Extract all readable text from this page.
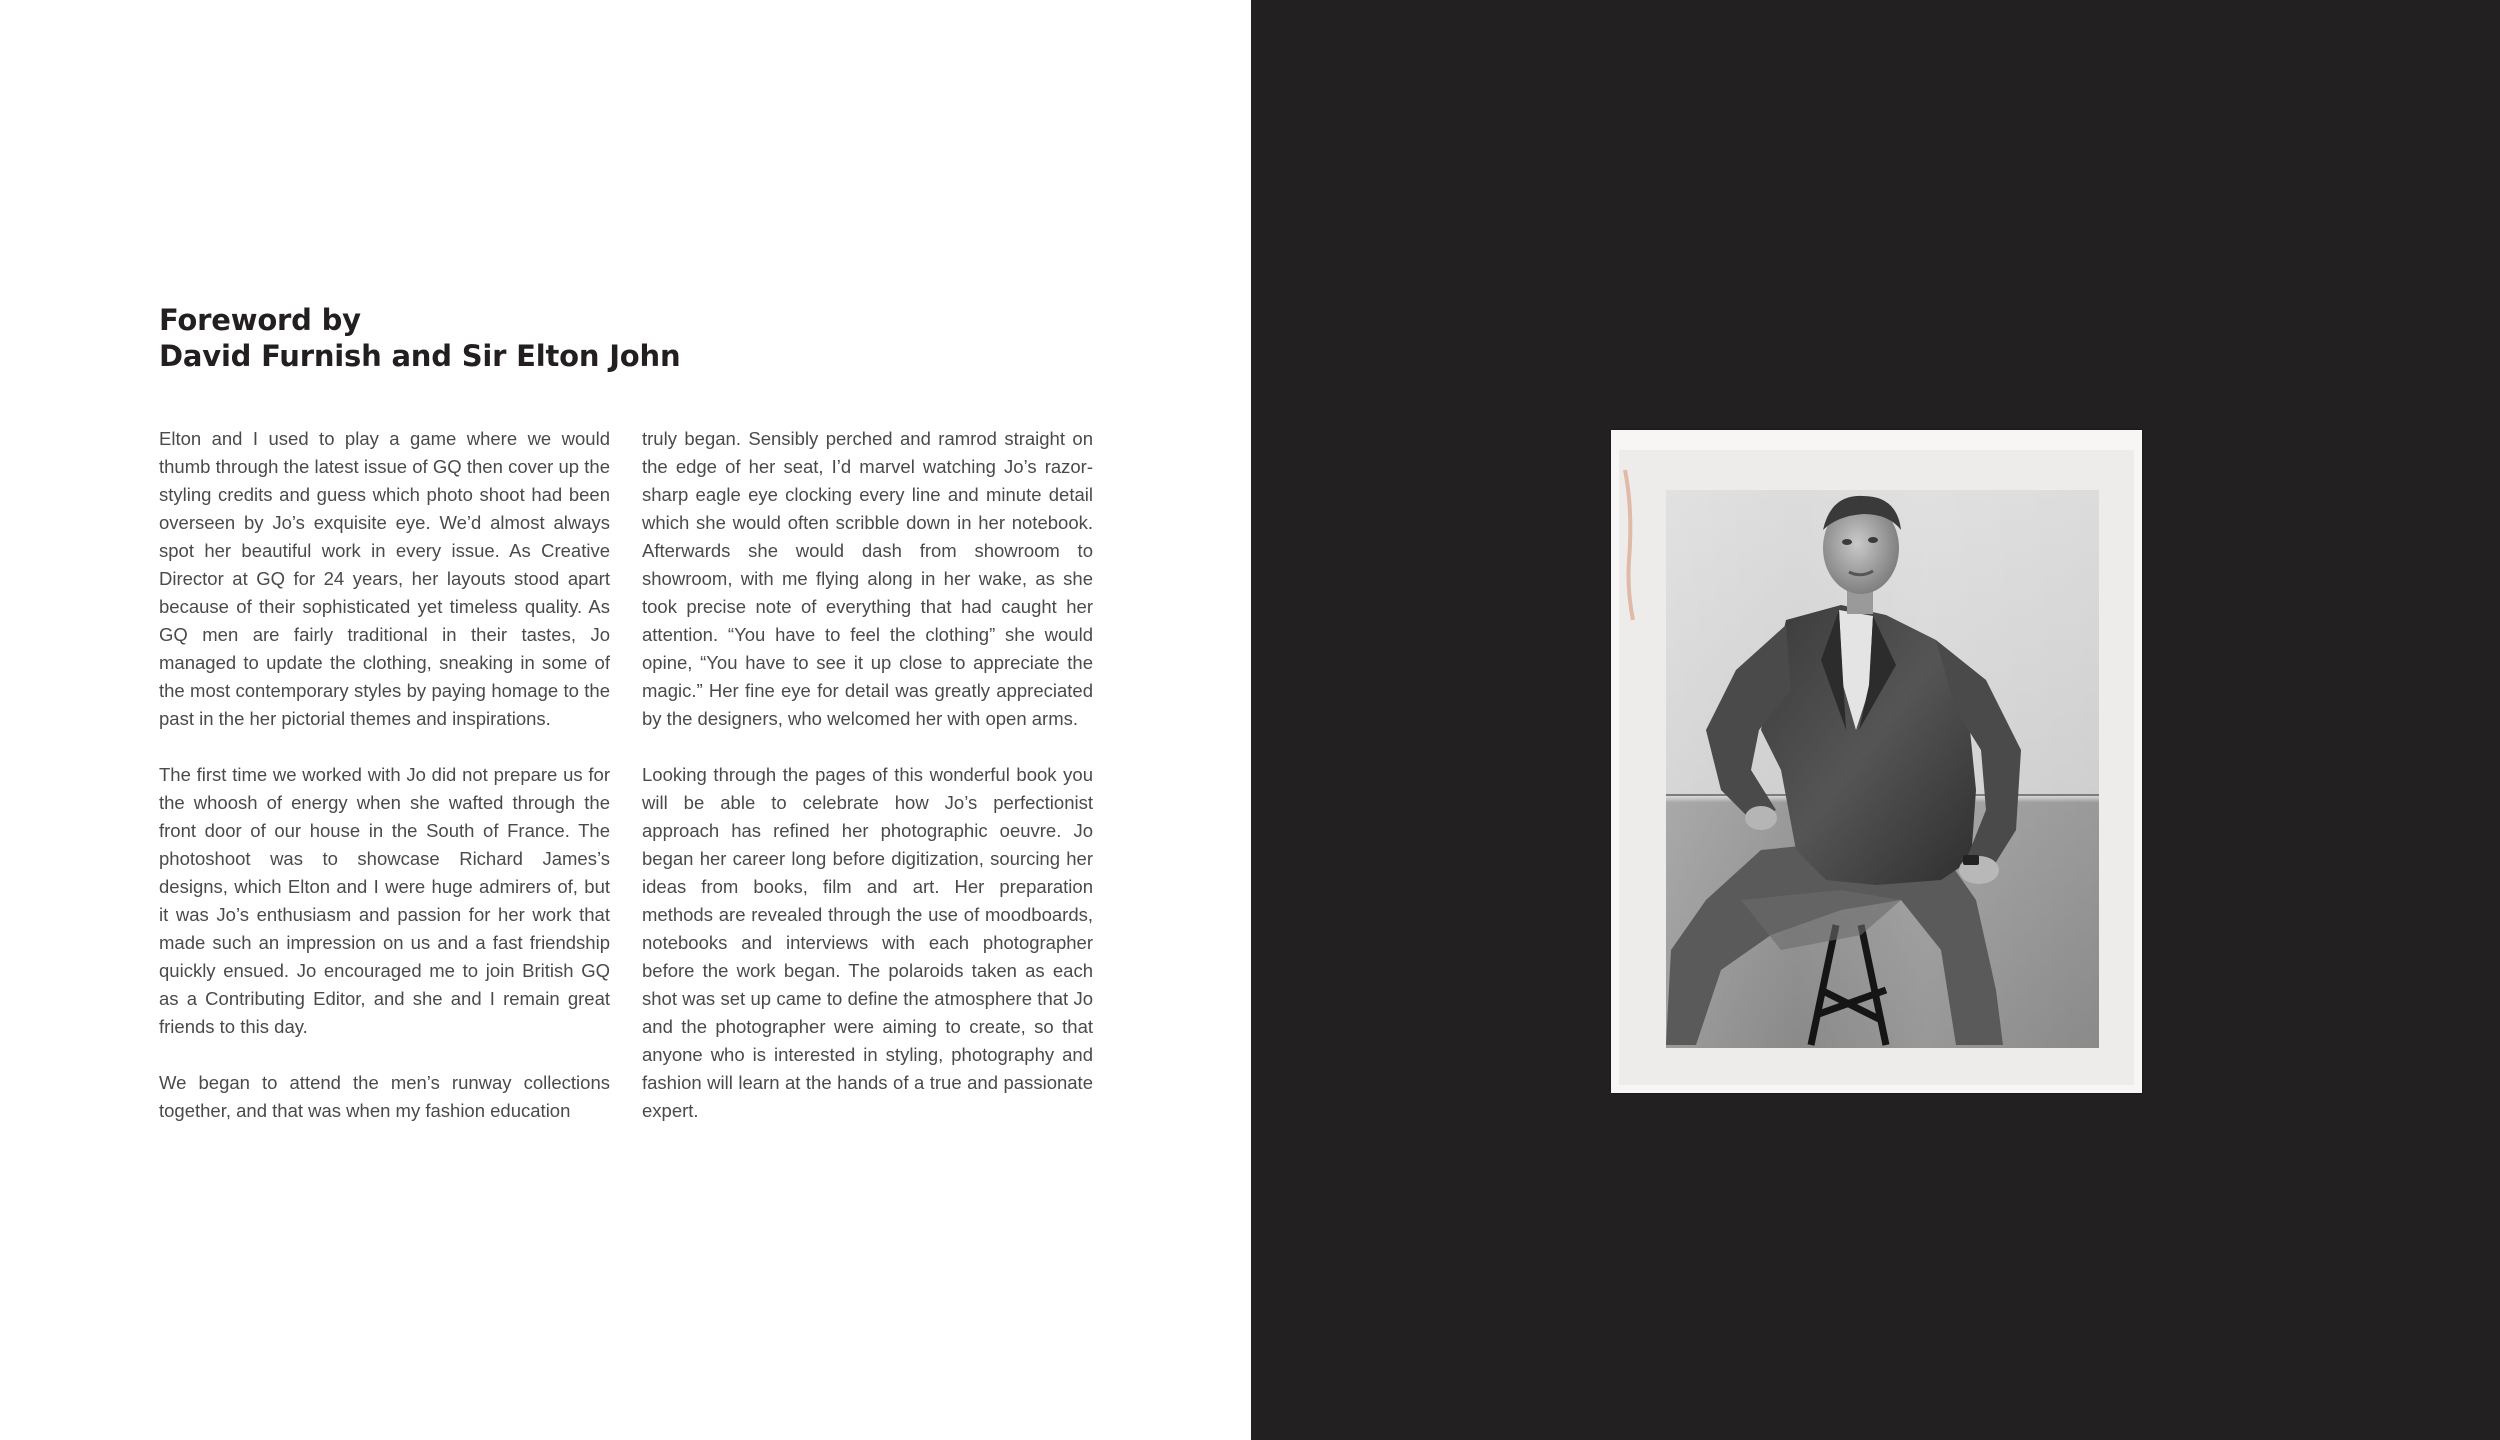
Foreword by
David Furnish and Sir Elton John

Elton and I used to play a game where we would thumb through the latest issue of GQ then cover up the styling credits and guess which photo shoot had been overseen by Jo’s exquisite eye. We’d almost always spot her beautiful work in every issue. As Creative Director at GQ for 24 years, her layouts stood apart because of their sophisticated yet timeless quality. As GQ men are fairly traditional in their tastes, Jo managed to update the clothing, sneaking in some of the most contemporary styles by paying homage to the past in the her pictorial themes and inspirations.

The first time we worked with Jo did not prepare us for the whoosh of energy when she wafted through the front door of our house in the South of France. The photoshoot was to showcase Richard James’s designs, which Elton and I were huge admirers of, but it was Jo’s enthusiasm and passion for her work that made such an impression on us and a fast friendship quickly ensued. Jo encouraged me to join British GQ as a Contributing Editor, and she and I remain great friends to this day.

We began to attend the men’s runway collections together, and that was when my fashion education

truly began. Sensibly perched and ramrod straight on the edge of her seat, I’d marvel watching Jo’s razor-sharp eagle eye clocking every line and minute detail which she would often scribble down in her notebook. Afterwards she would dash from showroom to showroom, with me flying along in her wake, as she took precise note of everything that had caught her attention. “You have to feel the clothing” she would opine, “You have to see it up close to appreciate the magic.” Her fine eye for detail was greatly appreciated by the designers, who welcomed her with open arms.

Looking through the pages of this wonderful book you will be able to celebrate how Jo’s perfectionist approach has refined her photographic oeuvre. Jo began her career long before digitization, sourcing her ideas from books, film and art. Her preparation methods are revealed through the use of moodboards, notebooks and interviews with each photographer before the work began. The polaroids taken as each shot was set up came to define the atmosphere that Jo and the photographer were aiming to create, so that anyone who is interested in styling, photography and fashion will learn at the hands of a true and passionate expert.
